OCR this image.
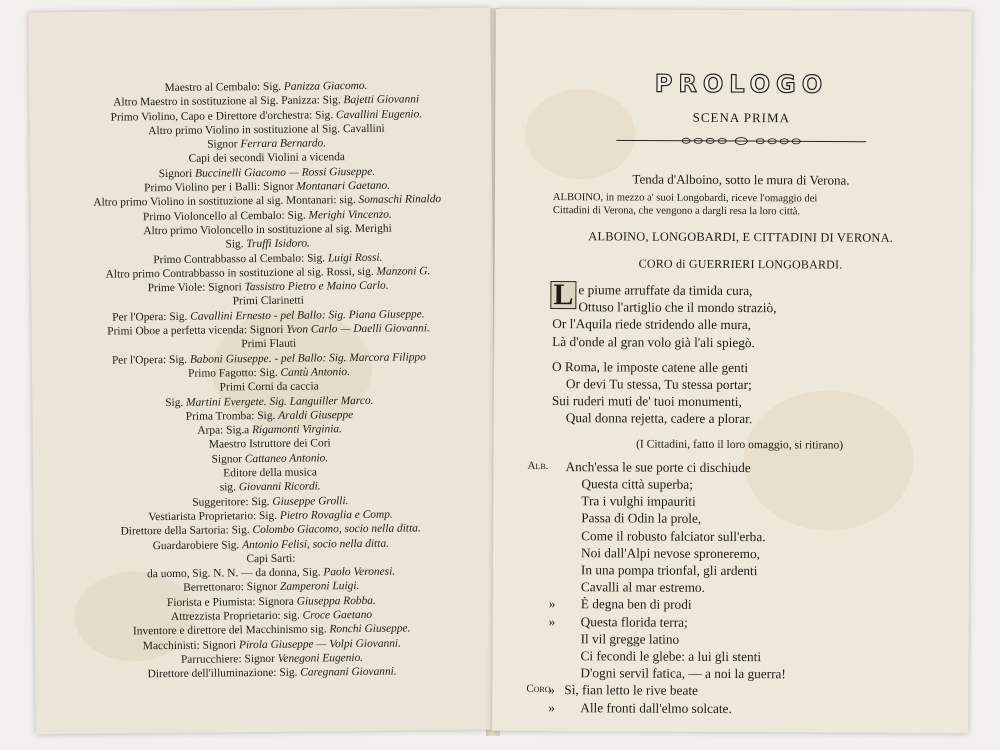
Maestro al Cembalo: Sig. Panizza Giacomo.
Altro Maestro in sostituzione al Sig. Panizza: Sig. Bajetti Giovanni
Primo Violino, Capo e Direttore d'orchestra: Sig. Cavallini Eugenio.
Altro primo Violino in sostituzione al Sig. Cavallini
Signor Ferrara Bernardo.
Capi dei secondi Violini a vicenda
Signori Buccinelli Giacomo — Rossi Giuseppe.
Primo Violino per i Balli: Signor Montanari Gaetano.
Altro primo Violino in sostituzione al sig. Montanari: sig. Somaschi Rinaldo
Primo Violoncello al Cembalo: Sig. Merighi Vincenzo.
Altro primo Violoncello in sostituzione al sig. Merighi
Sig. Truffi Isidoro.
Primo Contrabbasso al Cembalo: Sig. Luigi Rossi.
Altro primo Contrabbasso in sostituzione al sig. Rossi, sig. Manzoni G.
Prime Viole: Signori Tassistro Pietro e Maino Carlo.
Primi Clarinetti
Per l'Opera: Sig. Cavallini Ernesto - pel Ballo: Sig. Piana Giuseppe.
Primi Oboe a perfetta vicenda: Signori Yvon Carlo — Daelli Giovanni.
Primi Flauti
Per l'Opera: Sig. Baboni Giuseppe. - pel Ballo: Sig. Marcora Filippo
Primo Fagotto: Sig. Cantù Antonio.
Primi Corni da caccia
Sig. Martini Evergete. Sig. Languiller Marco.
Prima Tromba: Sig. Araldi Giuseppe
Arpa: Sig.a Rigamonti Virginia.
Maestro Istruttore dei Cori
Signor Cattaneo Antonio.
Editore della musica
sig. Giovanni Ricordi.
Suggeritore: Sig. Giuseppe Grolli.
Vestiarista Proprietario: Sig. Pietro Rovaglia e Comp.
Direttore della Sartoria: Sig. Colombo Giacomo, socio nella ditta.
Guardarobiere Sig. Antonio Felisi, socio nella ditta.
Capi Sarti:
da uomo, Sig. N. N. — da donna, Sig. Paolo Veronesi.
Berrettonaro: Signor Zamperoni Luigi.
Fiorista e Piumista: Signora Giuseppa Robba.
Attrezzista Proprietario: sig. Croce Gaetano
Inventore e direttore del Macchinismo sig. Ronchi Giuseppe.
Macchinisti: Signori Pirola Giuseppe — Volpi Giovanni.
Parrucchiere: Signor Venegoni Eugenio.
Direttore dell'illuminazione: Sig. Caregnani Giovanni.
PROLOGO
SCENA PRIMA
Tenda d'Alboino, sotto le mura di Verona.
ALBOINO, in mezzo a' suoi Longobardi, riceve l'omaggio dei
Cittadini di Verona, che vengono a dargli resa la loro città.
ALBOINO, LONGOBARDI, E CITTADINI DI VERONA.
CORO di GUERRIERI LONGOBARDI.
L e piume arruffate da timida cura,
Ottuso l'artiglio che il mondo straziò,
Or l'Aquila riede stridendo alle mura,
Là d'onde al gran volo già l'ali spiegò.
O Roma, le imposte catene alle genti
Or devi Tu stessa, Tu stessa portar;
Sui ruderi muti de' tuoi monumenti,
Qual donna rejetta, cadere a plorar.
(I Cittadini, fatto il loro omaggio, si ritirano)
Alb. Anch'essa le sue porte ci dischiude
Questa città superba;
Tra i vulghi impauriti
Passa di Odin la prole,
Come il robusto falciator sull'erba.
Noi dall'Alpi nevose sproneremo,
In una pompa trionfal, gli ardenti
Cavalli al mar estremo.
» È degna ben di prodi
» Questa florida terra;
Il vil gregge latino
Ci fecondi le glebe: a lui gli stenti
D'ogni servil fatica, — a noi la guerra!
Coro
» Sì, fian letto le rive beate
» Alle fronti dall'elmo solcate.
